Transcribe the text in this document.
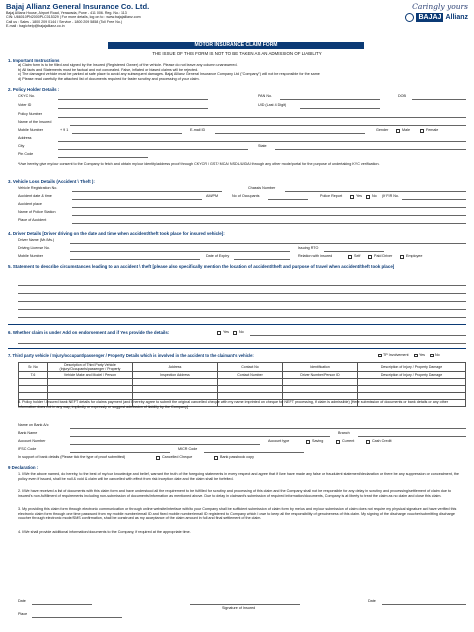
Bajaj Allianz General Insurance Co. Ltd.
Bajaj Allianz House, Airport Road, Yerawada, Pune - 411 006. Reg. No.: 113
CIN: U66010PN2000PLC015329 | For more details, log on to : www.bajajallianz.com
Call us : Sales - 1800 209 0144 / Service - 1800 209 5858 (Toll Free No.)
E-mail : bagichelp@bajajallianz.co.in
Caringly yours
BAJAJ Allianz
MOTOR INSURANCE CLAIM FORM
THE ISSUE OF THIS FORM IS NOT TO BE TAKEN AS AN ADMISSION OF LIABILITY
1. Important Instructions
a) Claim form is to be filled and signed by the Insured (Registered Owner) of the vehicle. Please do not leave any column unanswered.
b) All facts and Statements must be factual and not concealed. False, inflated or biased claims will be rejected.
c) The damaged vehicle must be parked at safe place to avoid any subsequent damages. Bajaj Allianz General Insurance Company Ltd ("Company") will not be responsible for the same
d) Please read carefully the attached list of documents required for faster scrutiny and processing of your claim.
2. Policy Holder Details :
CKYC No.	PAN No.	DOB
Voter ID	UID (Last 4 Digit)
Policy Number
Name of the Insured
Mobile Number	+ 9 1	E-mail ID	Gender	Male	Female
Address
City	State
Pin Code
*I/we hereby give my/our consent to the Company to fetch and obtain my/our identity/address proof through CKYCR / GST/ MCA/ NSDL/UIDAI through any other mode/portal for the purpose of undertaking KYC verification.
3. Vehicle Loss Details (Accident \ Theft ):
Vehicle Registration No.	Chassis Number
Accident date & time	AM/PM	No of Occupants	Police Report	Yes	No (If FIR No.
Accident place
Name of Police Station
Place of Accident
4. Driver Details [Driver driving on the date and time when accident/theft took place for insured vehicle]:
Driver Name (Mr./Ms.)
Driving License No.	Issuing RTO
Mobile Number	Date of Expiry	Relation with insured	Self	Paid Driver	Employee
5. Statement to describe circumstances leading to an accident \ theft [please also specifically mention the location of accident/theft and purpose of travel when accident/theft took place]
6. Whether claim is under Add on endorsement and if Yes provide the details:	Yes	No
7. Third party vehicle / Injury/occupant/passenger / Property Details which is involved in the accident to the claimant's vehicle:	TP Involvement	Yes	No
Sr. No	Description of Third Party Vehicle (Injury/Occupants/passenger / Property	Address	Contact No	Identification	Description of Injury / Property Damage
T.6	Vehicle Make and Model / Person	Inspection Address	Contact Number	Driver Number/Person ID	Description of Injury / Property Damage

8. Policy holder \ Insured bank NEFT details for claims payment (and I hereby agree to submit the original cancelled cheque with my name imprinted on cheque for NEFT processing, if claim is admissible) [Here submission of documents or bank details or any other information does not in any way, impliedly or expressly or suggest admission of liability by the Company]
Name on Bank A/c
Bank Name	Branch
Account Number	Account type	Saving	Current	Cash Credit
IFSC Code	MICR Code
In support of bank details (Please tick the type of proof submitted)	Cancelled Cheque	Bank passbook copy
9 Declaration :
1. I/We the above named, do hereby, to the best of my/our knowledge and belief, warrant the truth of the foregoing statements in every respect and agree that if I/we have made any false or fraudulent statement/declaration or there be any suppression or concealment, the policy even if issued, shall be null & void & claim will be cancelled with effect from risk inception date and the claim shall be forfeited.
2. I/We have received a list of documents with this claim form and have understood all the requirement to be fulfilled for scrutiny and processing of this claim and the Company shall not be responsible for any delay in scrutiny and processing/settlement of claim due to insured's non-fulfillment of requirements including non-submission of documents/information as mentioned above. Due to delay in claimant's submission of required information/documents, Company is at liberty to treat the claim as no claim and close this claim.
3. My providing this claim form through electronic communication or through online website/interface with/to your Company shall be sufficient submission of claim form by me/us and my/our submission of claim does not require my physical signature act have verified this electronic claim form through one time password from my mobile number/email ID and fixed mobile number/email ID registered to Company which I owe to keep all the responsibility of genuineness of this claim. My signing of the discharge voucher/submitting discharge voucher through electronic mode/SMS confirmation, shall be construed as my acceptance of the claim amount in full and final settlement of the claim.
4. I/We shall provide additional information/documents to the Company, if required at the appropriate time.
Date
Place
Signature of Insured
Date
